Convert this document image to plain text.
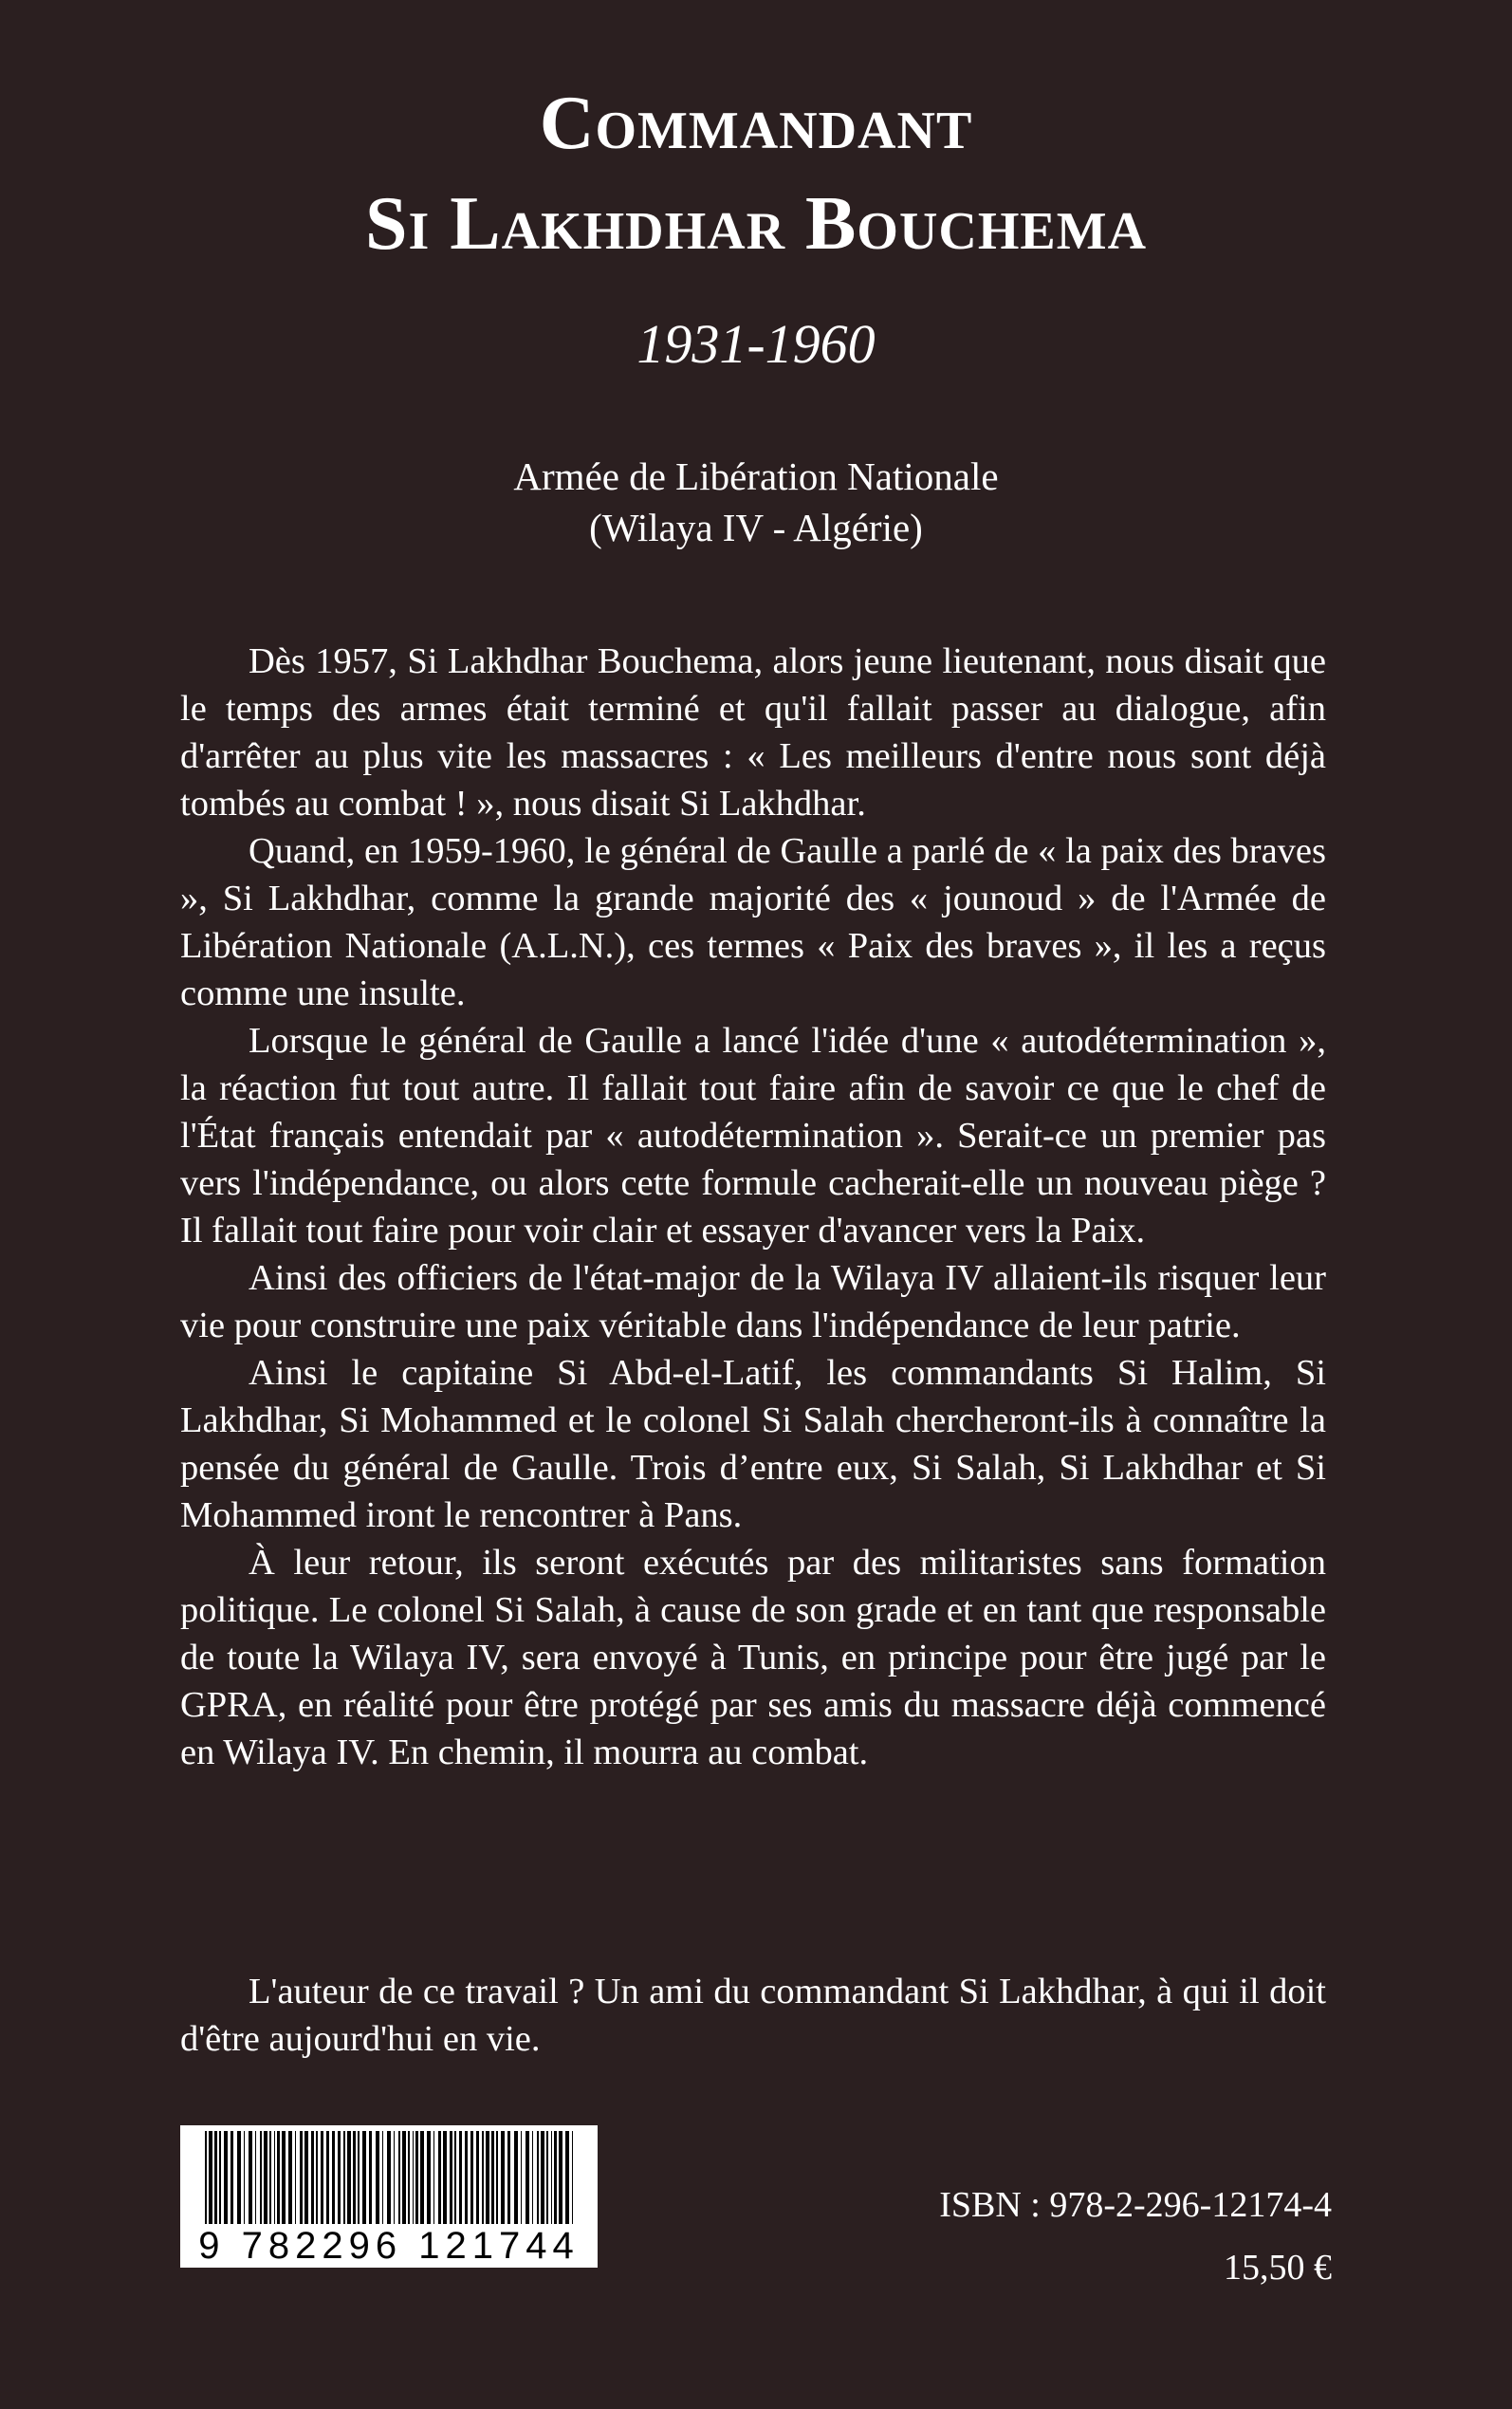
Commandant
Si Lakhdhar Bouchema
1931-1960
Armée de Libération Nationale
(Wilaya IV - Algérie)

Dès 1957, Si Lakhdhar Bouchema, alors jeune lieutenant, nous disait que le temps des armes était terminé et qu'il fallait passer au dialogue, afin d'arrêter au plus vite les massacres : « Les meilleurs d'entre nous sont déjà tombés au combat ! », nous disait Si Lakhdhar.

Quand, en 1959-1960, le général de Gaulle a parlé de « la paix des braves », Si Lakhdhar, comme la grande majorité des « jounoud » de l'Armée de Libération Nationale (A.L.N.), ces termes « Paix des braves », il les a reçus comme une insulte.

Lorsque le général de Gaulle a lancé l'idée d'une « autodétermination », la réaction fut tout autre. Il fallait tout faire afin de savoir ce que le chef de l'État français entendait par « autodétermination ». Serait-ce un premier pas vers l'indépendance, ou alors cette formule cacherait-elle un nouveau piège ? Il fallait tout faire pour voir clair et essayer d'avancer vers la Paix.

Ainsi des officiers de l'état-major de la Wilaya IV allaient-ils risquer leur vie pour construire une paix véritable dans l'indépendance de leur patrie.

Ainsi le capitaine Si Abd-el-Latif, les commandants Si Halim, Si Lakhdhar, Si Mohammed et le colonel Si Salah chercheront-ils à connaître la pensée du général de Gaulle. Trois d’entre eux, Si Salah, Si Lakhdhar et Si Mohammed iront le rencontrer à Pans.

À leur retour, ils seront exécutés par des militaristes sans formation politique. Le colonel Si Salah, à cause de son grade et en tant que responsable de toute la Wilaya IV, sera envoyé à Tunis, en principe pour être jugé par le GPRA, en réalité pour être protégé par ses amis du massacre déjà commencé en Wilaya IV. En chemin, il mourra au combat.

L'auteur de ce travail ? Un ami du commandant Si Lakhdhar, à qui il doit d'être aujourd'hui en vie.

9 782296 121744
ISBN : 978-2-296-12174-4
15,50 €
